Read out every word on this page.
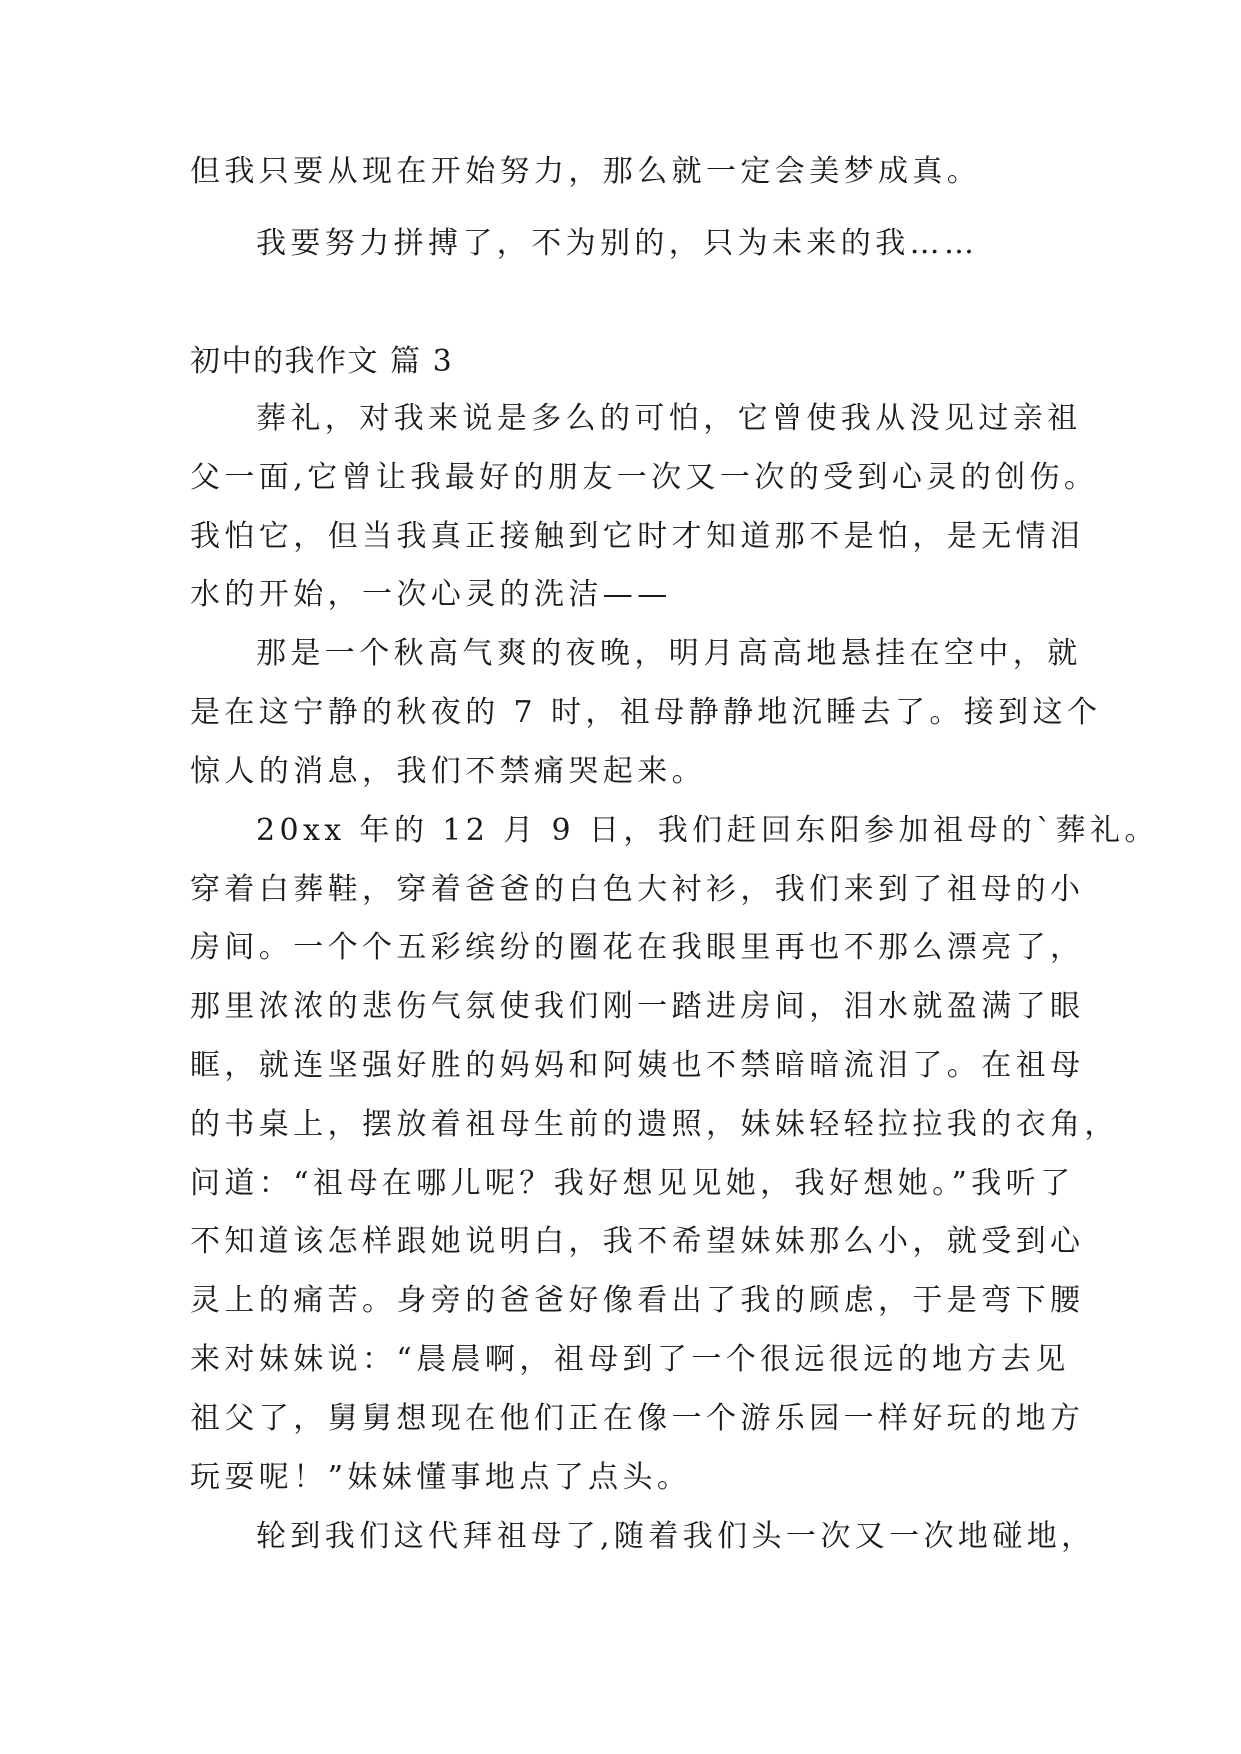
但我只要从现在开始努力，那么就一定会美梦成真。
我要努力拼搏了，不为别的，只为未来的我……
初中的我作文 篇 3
葬礼，对我来说是多么的可怕，它曾使我从没见过亲祖
父一面,它曾让我最好的朋友一次又一次的受到心灵的创伤。
我怕它，但当我真正接触到它时才知道那不是怕，是无情泪
水的开始，一次心灵的洗洁——
那是一个秋高气爽的夜晚，明月高高地悬挂在空中，就
是在这宁静的秋夜的 7 时，祖母静静地沉睡去了。接到这个
惊人的消息，我们不禁痛哭起来。
20xx 年的 12 月 9 日，我们赶回东阳参加祖母的`葬礼。
穿着白葬鞋，穿着爸爸的白色大衬衫，我们来到了祖母的小
房间。一个个五彩缤纷的圈花在我眼里再也不那么漂亮了，
那里浓浓的悲伤气氛使我们刚一踏进房间，泪水就盈满了眼
眶，就连坚强好胜的妈妈和阿姨也不禁暗暗流泪了。在祖母
的书桌上，摆放着祖母生前的遗照，妹妹轻轻拉拉我的衣角，
问道：“祖母在哪儿呢？我好想见见她，我好想她。”我听了
不知道该怎样跟她说明白，我不希望妹妹那么小，就受到心
灵上的痛苦。身旁的爸爸好像看出了我的顾虑，于是弯下腰
来对妹妹说：“晨晨啊，祖母到了一个很远很远的地方去见
祖父了，舅舅想现在他们正在像一个游乐园一样好玩的地方
玩耍呢！”妹妹懂事地点了点头。
轮到我们这代拜祖母了,随着我们头一次又一次地碰地，
